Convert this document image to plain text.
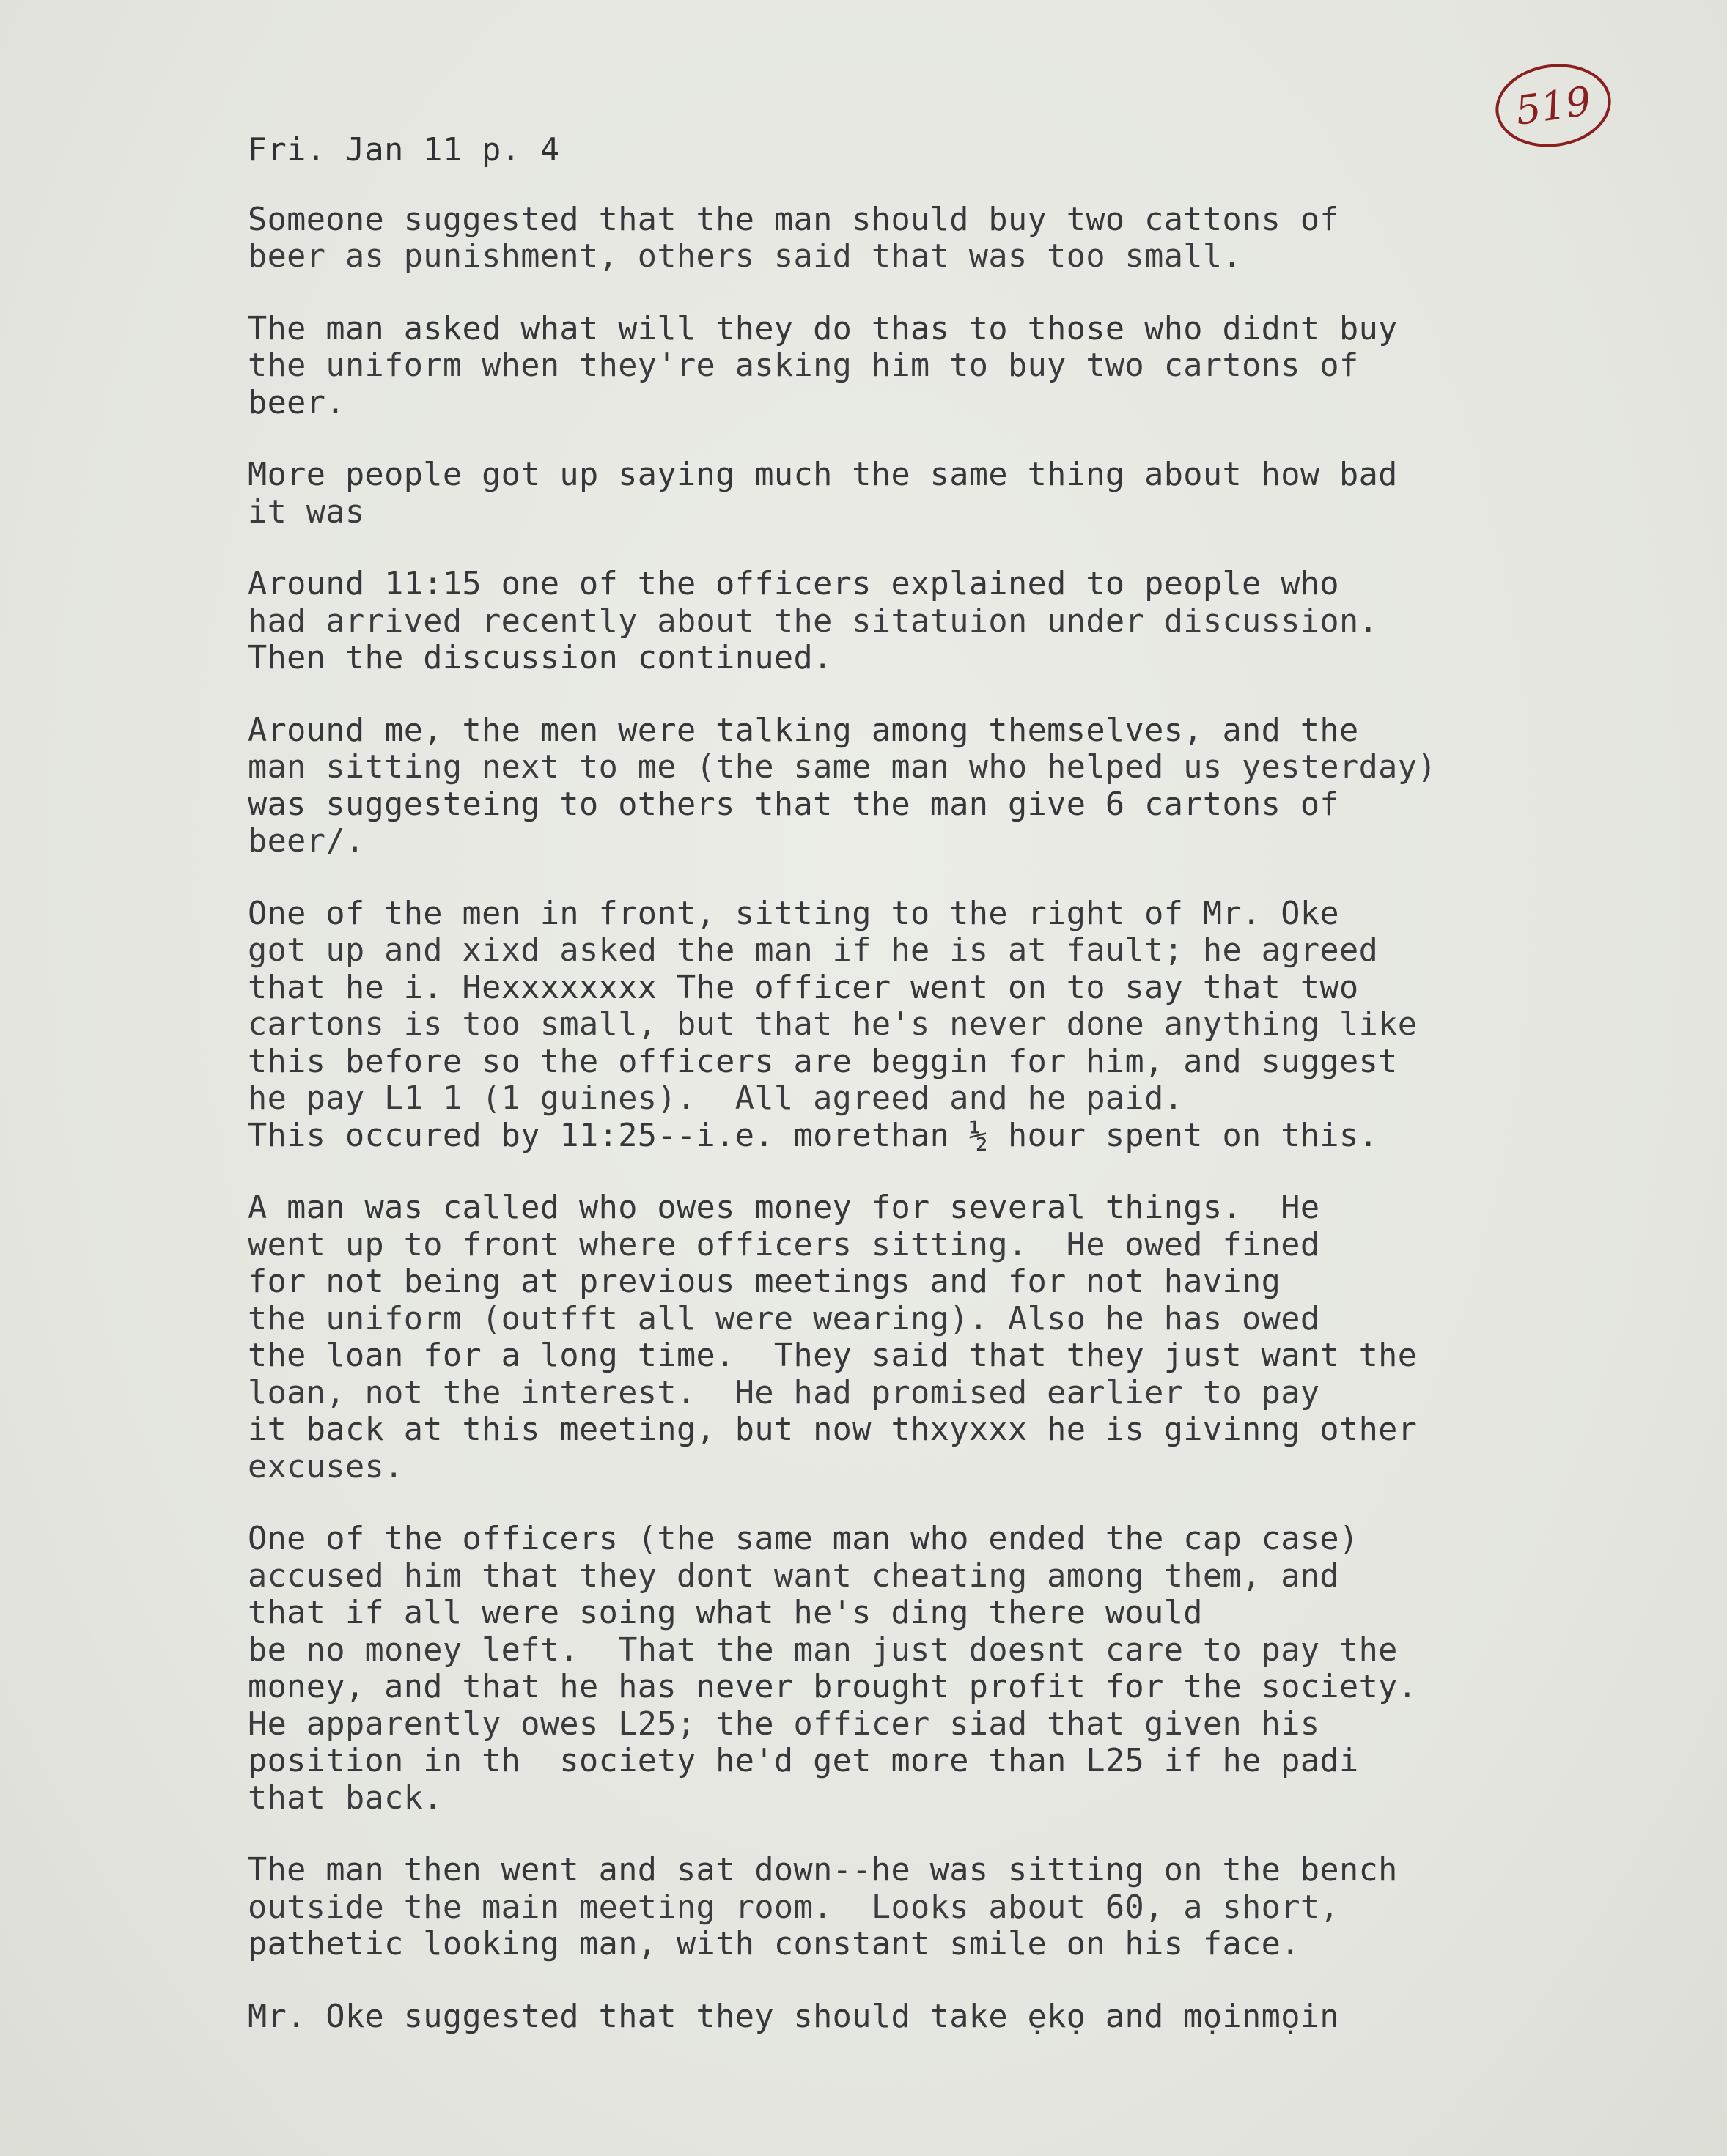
519
Fri. Jan 11 p. 4
Someone suggested that the man should buy two cattons of
beer as punishment, others said that was too small.
The man asked what will they do thas to those who didnt buy
the uniform when they're asking him to buy two cartons of
beer.
More people got up saying much the same thing about how bad
it was
Around 11:15 one of the officers explained to people who
had arrived recently about the sitatuion under discussion.
Then the discussion continued.
Around me, the men were talking among themselves, and the
man sitting next to me (the same man who helped us yesterday)
was suggesteing to others that the man give 6 cartons of
beer/.
One of the men in front, sitting to the right of Mr. Oke
got up and xixd asked the man if he is at fault; he agreed
that he i. Hexxxxxxxx The officer went on to say that two
cartons is too small, but that he's never done anything like
this before so the officers are beggin for him, and suggest
he pay L1 1 (1 guines).  All agreed and he paid.
This occured by 11:25--i.e. morethan ½ hour spent on this.
A man was called who owes money for several things.  He
went up to front where officers sitting.  He owed fined
for not being at previous meetings and for not having
the uniform (outfft all were wearing). Also he has owed
the loan for a long time.  They said that they just want the
loan, not the interest.  He had promised earlier to pay
it back at this meeting, but now thxyxxx he is givinng other
excuses.
One of the officers (the same man who ended the cap case)
accused him that they dont want cheating among them, and
that if all were soing what he's ding there would
be no money left.  That the man just doesnt care to pay the
money, and that he has never brought profit for the society.
He apparently owes L25; the officer siad that given his
position in th  society he'd get more than L25 if he padi
that back.
The man then went and sat down--he was sitting on the bench
outside the main meeting room.  Looks about 60, a short,
pathetic looking man, with constant smile on his face.
Mr. Oke suggested that they should take ẹkọ and mọinmọin
